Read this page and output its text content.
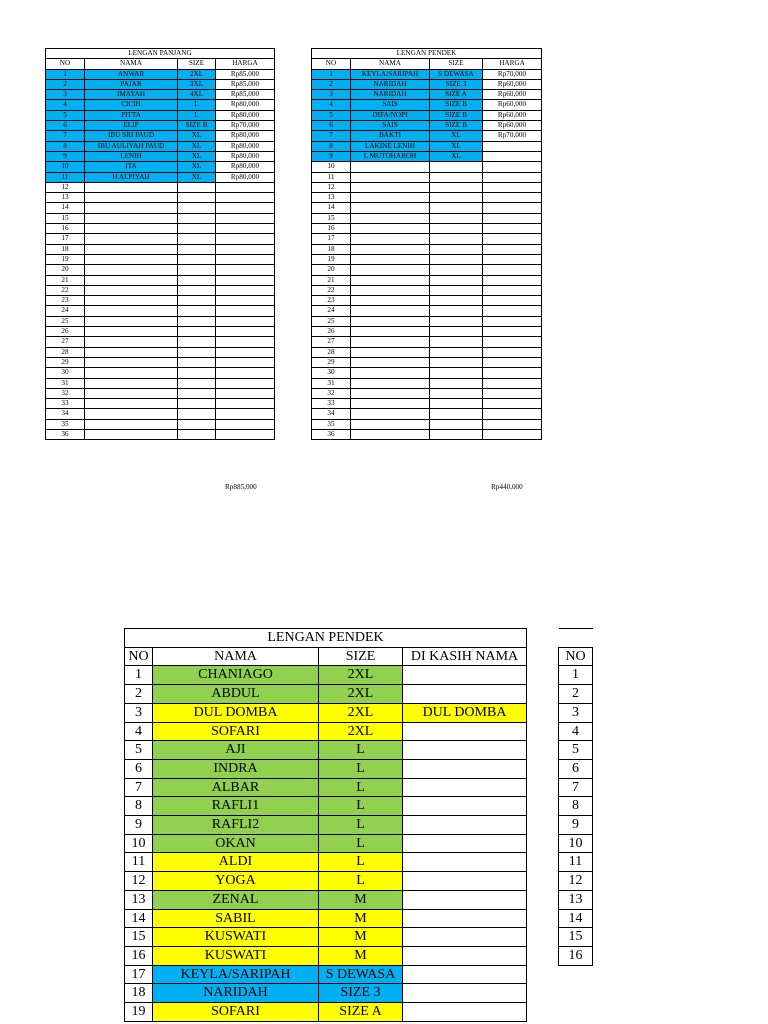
LENGAN PANJANG			
NO	NAMA	SIZE	HARGA
1	ANWAR	2XL	Rp85,000
2	PAJAR	3XL	Rp85,000
3	IMAYAH	4XL	Rp85,000
4	CICIH	L	Rp80,000
5	PITTA	L	Rp80,000
6	ELIP	SIZE B	Rp70,000
7	IBU SRI PAUD	XL	Rp80,000
8	IBU AULIYAH PAUD	XL	Rp80,000
9	LENIH	XL	Rp80,000
10	ITA	XL	Rp80,000
11	H ALPIYAH	XL	Rp80,000
12			
13			
14			
15			
16			
17			
18			
19			
20			
21			
22			
23			
24			
25			
26			
27			
28			
29			
30			
31			
32			
33			
34			
35			
36			
Rp885,000
LENGAN PENDEK			
NO	NAMA	SIZE	HARGA
1	KEYLA/SARIPAH	S DEWASA	Rp70,000
2	NARIDAH	SIZE 3	Rp60,000
3	NARIDAH	SIZE A	Rp60,000
4	SAIS	SIZE B	Rp60,000
5	DIFA/NOPI	SIZE B	Rp60,000
6	SAIS	SIZE B	Rp60,000
7	BAKTI	XL	Rp70,000
8	LAKINE LENIH	XL	
9	L MUTOHAROH	XL	
10			
11			
12			
13			
14			
15			
16			
17			
18			
19			
20			
21			
22			
23			
24			
25			
26			
27			
28			
29			
30			
31			
32			
33			
34			
35			
36			
Rp440,000
LENGAN PENDEK			
NO	NAMA	SIZE	DI KASIH NAMA
1	CHANIAGO	2XL	
2	ABDUL	2XL	
3	DUL DOMBA	2XL	DUL DOMBA
4	SOFARI	2XL	
5	AJI	L	
6	INDRA	L	
7	ALBAR	L	
8	RAFLI1	L	
9	RAFLI2	L	
10	OKAN	L	
11	ALDI	L	
12	YOGA	L	
13	ZENAL	M	
14	SABIL	M	
15	KUSWATI	M	
16	KUSWATI	M	
17	KEYLA/SARIPAH	S DEWASA	
18	NARIDAH	SIZE 3	
19	SOFARI	SIZE A	

NO
1
2
3
4
5
6
7
8
9
10
11
12
13
14
15
16
